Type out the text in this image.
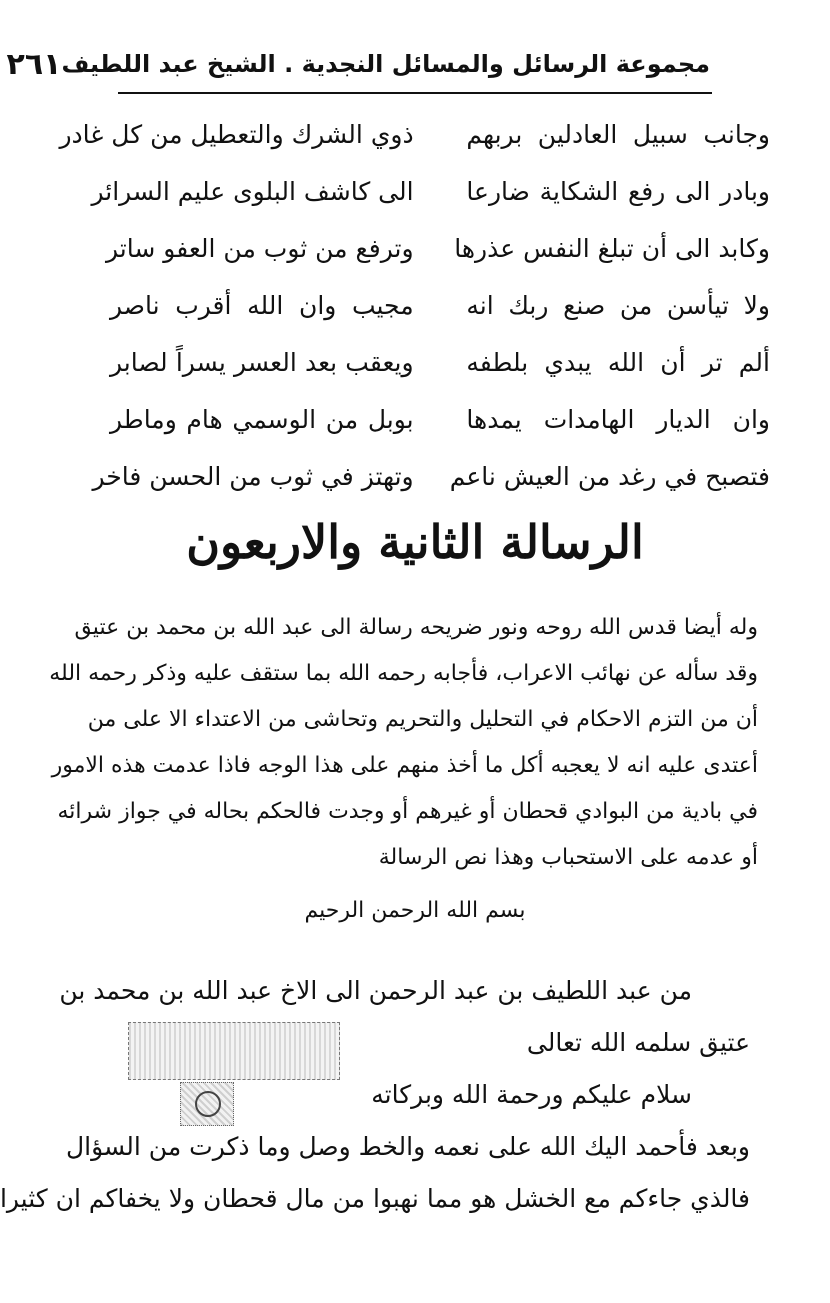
مجموعة الرسائل والمسائل النجدية . الشيخ عبد اللطيف
٢٦١
وجانب سبيل العادلين بربهم
ذوي الشرك والتعطيل من كل غادر
وبادر الى رفع الشكاية ضارعا
الى كاشف البلوى عليم السرائر
وكابد الى أن تبلغ النفس عذرها
وترفع من ثوب من العفو ساتر
ولا تيأسن من صنع ربك انه
مجيب وان الله أقرب ناصر
ألم تر أن الله يبدي بلطفه
ويعقب بعد العسر يسراً لصابر
وان الديار الهامدات يمدها
بوبل من الوسمي هام وماطر
فتصبح في رغد من العيش ناعم
وتهتز في ثوب من الحسن فاخر
الرسالة الثانية والاربعون
وله أيضا قدس الله روحه ونور ضريحه رسالة الى عبد الله بن محمد بن عتيق
وقد سأله عن نهائب الاعراب، فأجابه رحمه الله بما ستقف عليه وذكر رحمه الله
أن من التزم الاحكام في التحليل والتحريم وتحاشى من الاعتداء الا على من
أعتدى عليه انه لا يعجبه أكل ما أخذ منهم على هذا الوجه فاذا عدمت هذه الامور
في بادية من البوادي قحطان أو غيرهم أو وجدت فالحكم بحاله في جواز شرائه
أو عدمه على الاستحباب وهذا نص الرسالة
بسم الله الرحمن الرحيم
من عبد اللطيف بن عبد الرحمن الى الاخ عبد الله بن محمد بن
عتيق سلمه الله تعالى
سلام عليكم ورحمة الله وبركاته
وبعد فأحمد اليك الله على نعمه والخط وصل وما ذكرت من السؤال
فالذي جاءكم مع الخشل هو مما نهبوا من مال قحطان ولا يخفاكم ان كثيرا
